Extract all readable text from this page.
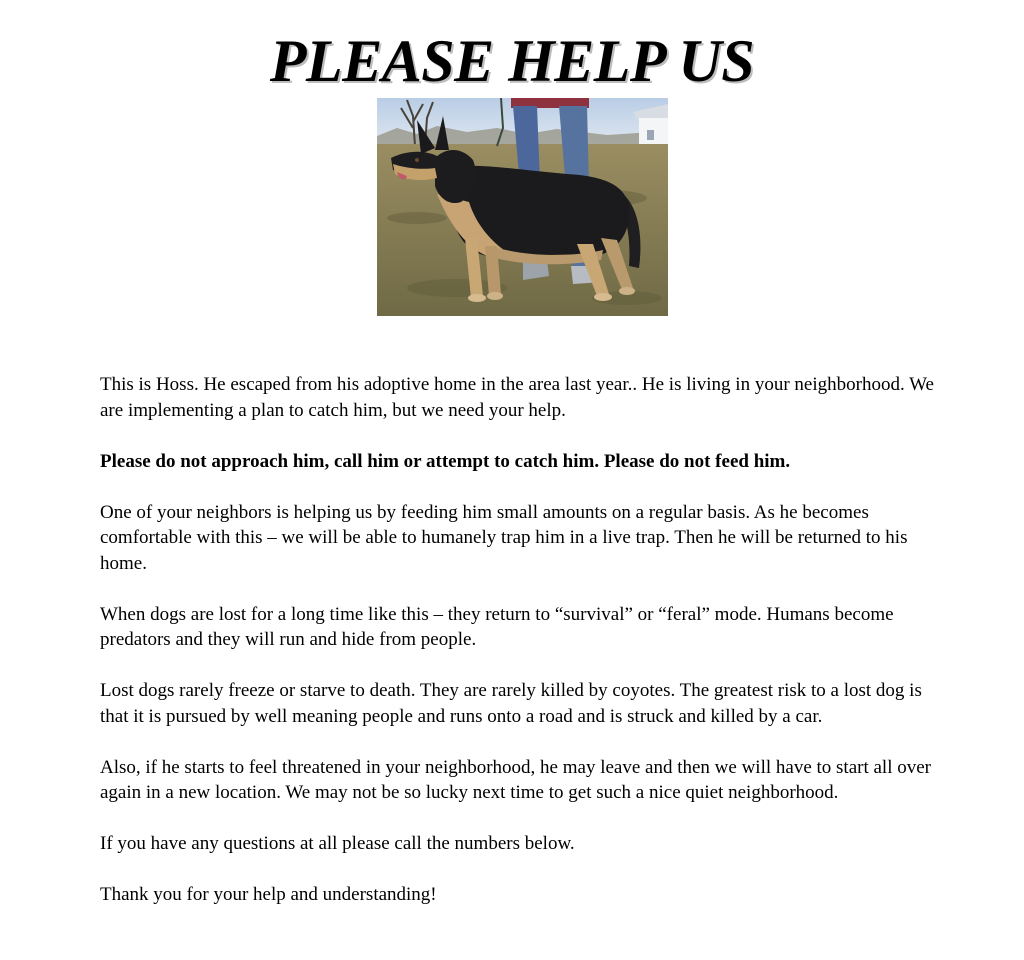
PLEASE HELP US

This is Hoss. He escaped from his adoptive home in the area last year.. He is living in your neighborhood. We are implementing a plan to catch him, but we need your help.

Please do not approach him, call him or attempt to catch him. Please do not feed him.

One of your neighbors is helping us by feeding him small amounts on a regular basis. As he becomes comfortable with this – we will be able to humanely trap him in a live trap. Then he will be returned to his home.

When dogs are lost for a long time like this – they return to “survival” or “feral” mode. Humans become predators and they will run and hide from people.

Lost dogs rarely freeze or starve to death. They are rarely killed by coyotes. The greatest risk to a lost dog is that it is pursued by well meaning people and runs onto a road and is struck and killed by a car.

Also, if he starts to feel threatened in your neighborhood, he may leave and then we will have to start all over again in a new location. We may not be so lucky next time to get such a nice quiet neighborhood.

If you have any questions at all please call the numbers below.

Thank you for your help and understanding!
